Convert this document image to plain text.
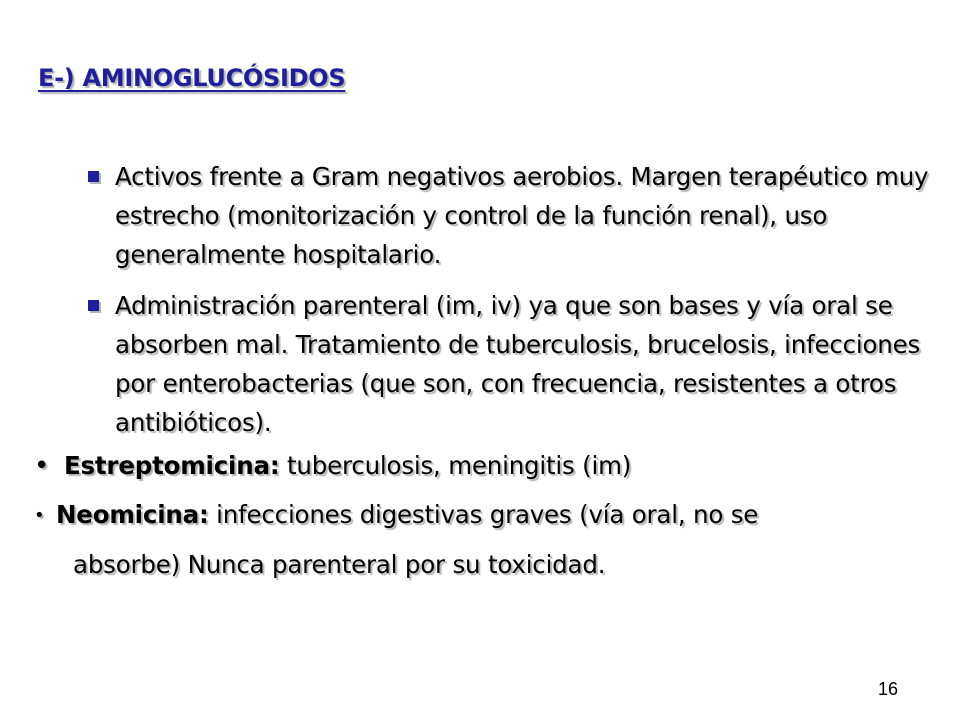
E-) AMINOGLUCÓSIDOS
Activos frente a Gram negativos aerobios. Margen terapéutico muy estrecho (monitorización y control de la función renal), uso generalmente hospitalario.
Administración parenteral (im, iv) ya que son bases y vía oral se absorben mal. Tratamiento de tuberculosis, brucelosis, infecciones por enterobacterias (que son, con frecuencia, resistentes a otros antibióticos).
• Estreptomicina: tuberculosis, meningitis (im)
• Neomicina: infecciones digestivas graves (vía oral, no se
absorbe) Nunca parenteral por su toxicidad.
16
